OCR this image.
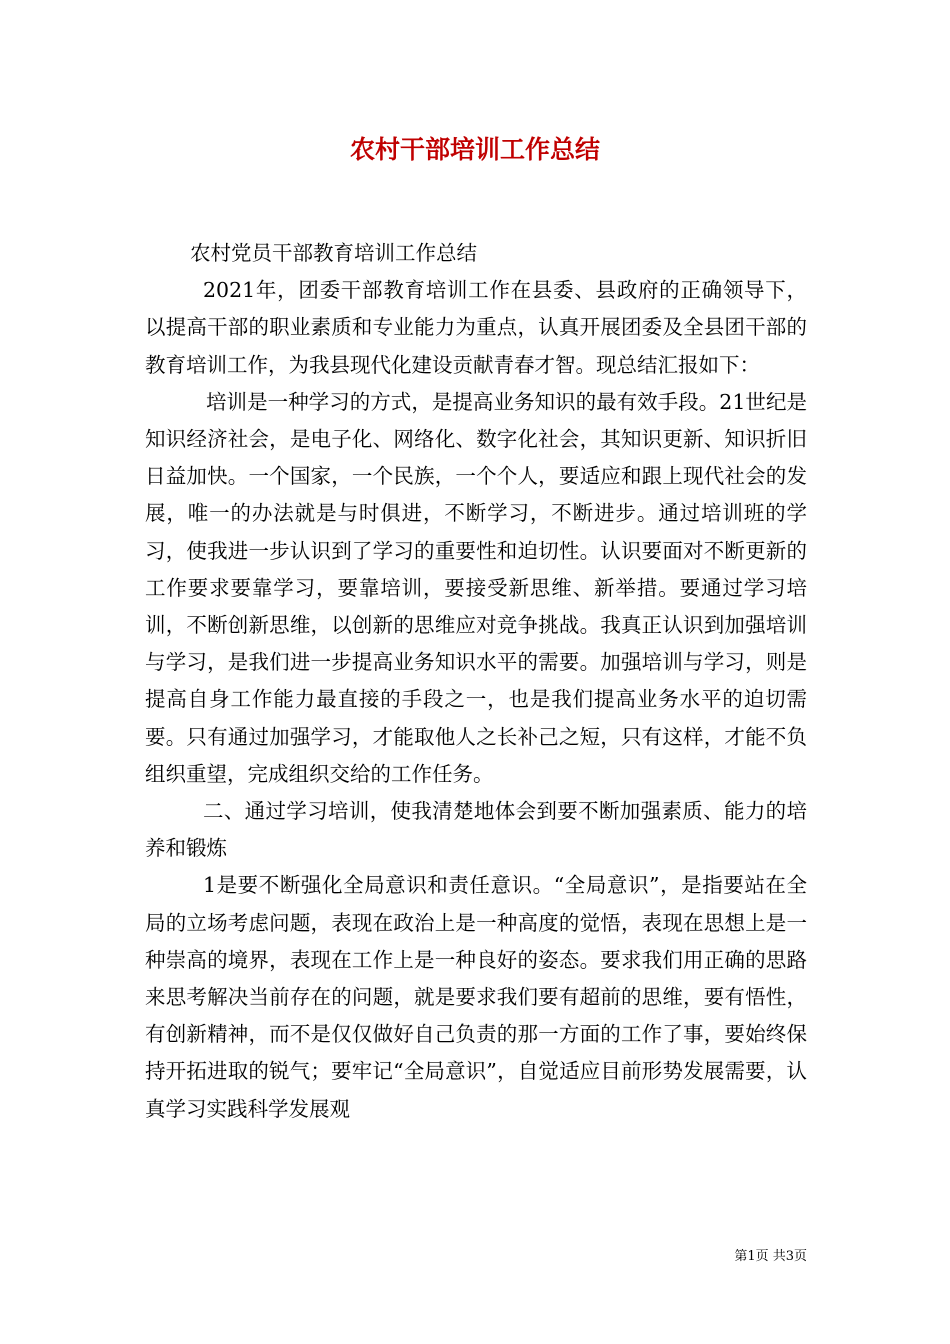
农村干部培训工作总结

农村党员干部教育培训工作总结

2021年，团委干部教育培训工作在县委、县政府的正确领导下，以提高干部的职业素质和专业能力为重点，认真开展团委及全县团干部的教育培训工作，为我县现代化建设贡献青春才智。现总结汇报如下：

培训是一种学习的方式，是提高业务知识的最有效手段。21世纪是知识经济社会，是电子化、网络化、数字化社会，其知识更新、知识折旧日益加快。一个国家，一个民族，一个个人，要适应和跟上现代社会的发展，唯一的办法就是与时俱进，不断学习，不断进步。通过培训班的学习，使我进一步认识到了学习的重要性和迫切性。认识要面对不断更新的工作要求要靠学习，要靠培训，要接受新思维、新举措。要通过学习培训，不断创新思维，以创新的思维应对竞争挑战。我真正认识到加强培训与学习，是我们进一步提高业务知识水平的需要。加强培训与学习，则是提高自身工作能力最直接的手段之一，也是我们提高业务水平的迫切需要。只有通过加强学习，才能取他人之长补己之短，只有这样，才能不负组织重望，完成组织交给的工作任务。

二、通过学习培训，使我清楚地体会到要不断加强素质、能力的培养和锻炼

1是要不断强化全局意识和责任意识。“全局意识”，是指要站在全局的立场考虑问题，表现在政治上是一种高度的觉悟，表现在思想上是一种崇高的境界，表现在工作上是一种良好的姿态。要求我们用正确的思路来思考解决当前存在的问题，就是要求我们要有超前的思维，要有悟性，有创新精神，而不是仅仅做好自己负责的那一方面的工作了事，要始终保持开拓进取的锐气；要牢记“全局意识”，自觉适应目前形势发展需要，认真学习实践科学发展观

第1页 共3页
